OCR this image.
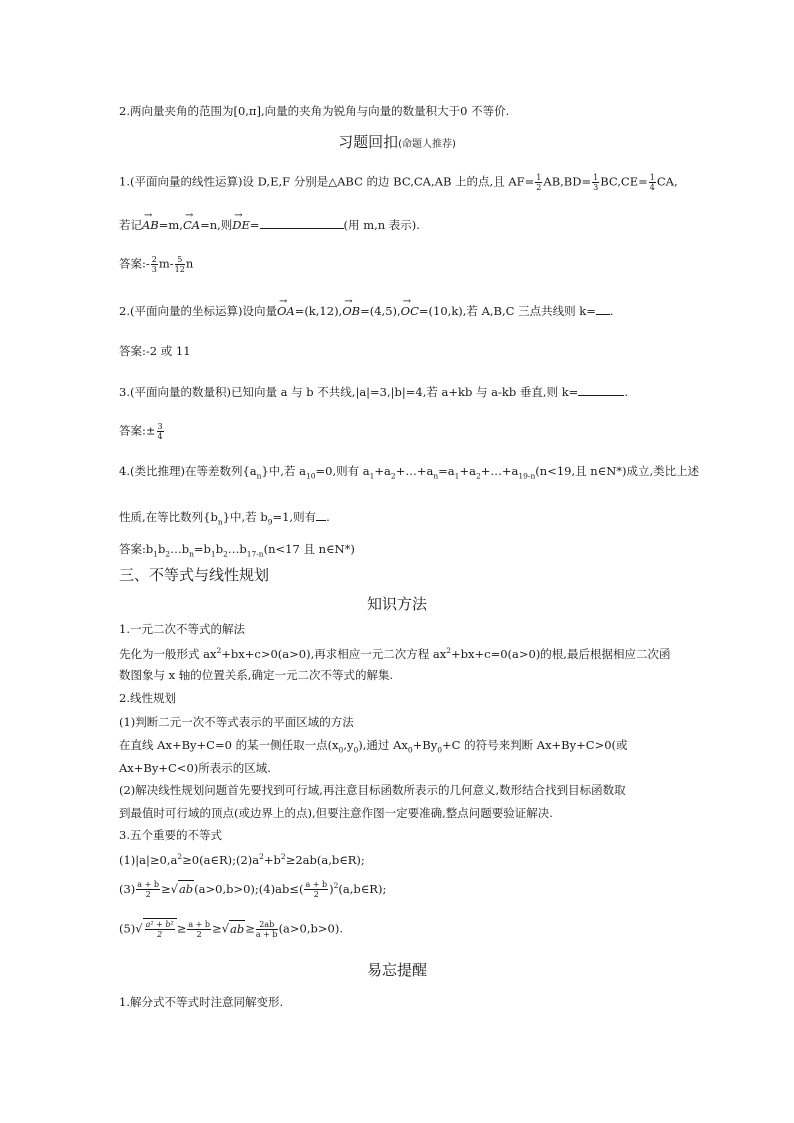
2.两向量夹角的范围为[0,π],向量的夹角为锐角与向量的数量积大于0 不等价.
习题回扣(命题人推荐)
1.(平面向量的线性运算)设 D,E,F 分别是△ABC 的边 BC,CA,AB 上的点,且 $AF= \frac{1}{2} AB,BD= \frac{1}{3} BC,CE= \frac{1}{4}$ CA,
若记→ AB=m,→ CA=n,则→ DE=	(用 m,n 表示).
答案:- $\frac{2}{3} m- \frac{5}{12}$ n
2.(平面向量的坐标运算)设向量→ OA=(k,12),→ OB=(4,5),→ OC=(10,k),若 A,B,C 三点共线则 k= .
答案:-2 或 11
3.(平面向量的数量积)已知向量 a 与 b 不共线,|a|=3,|b|=4,若 a+kb 与 a-kb 垂直,则 k=	.
答案:± $\frac{3}{4}$
4.(类比推理)在等差数列$\{a_n\}$中,若 $a_{10}=0$,则有 $a_1+a_2+\dots+a_n=a_1+a_2+\dots+a_{19-n}(n<19$,且 n∈N*)成立,类比上述
性质,在等比数列$\{b_n\}$中,若 $b_9=1$,则有 .
答案$:b_1b_2\dots b_n=b_1b_2\dots b_{17-n}(n<17$ 且 n∈N*)
三、不等式与线性规划
知识方法
1.一元二次不等式的解法
先化为一般形式 $ax^2+bx+c>0(a>0)$,再求相应一元二次方程 $ax^2+bx+c=0(a>0)$的根,最后根据相应二次函
数图象与 x 轴的位置关系,确定一元二次不等式的解集.
2.线性规划
(1)判断二元一次不等式表示的平面区域的方法
在直线 Ax+By+C=0 的某一侧任取一点$(x_0,y_0)$,通过 $Ax_0+By_0+C$ 的符号来判断 Ax+By+C>0(或
Ax+By+C<0)所表示的区域.
(2)解决线性规划问题首先要找到可行域,再注意目标函数所表示的几何意义,数形结合找到目标函数取
到最值时可行域的顶点(或边界上的点),但要注意作图一定要准确,整点问题要验证解决.
3.五个重要的不等式
$(1)|a|\ge 0,a^2\ge 0(a\in R);(2)a^2+b^2\ge 2ab(a,b\in R)$;
$(3) \frac{a + b}{2}$ ≥√ab(a>0,b>0);(4)ab≤( $\frac{a + b}{2}$ )$^2$(a,b∈R);
$(5)√ \frac{\text{a² + b²}}{2} \ge \frac{a + b}{2} \ge√ab\ge \frac{2ab}{a + b} (a>0,b>0)$.
易忘提醒
1.解分式不等式时注意同解变形.
